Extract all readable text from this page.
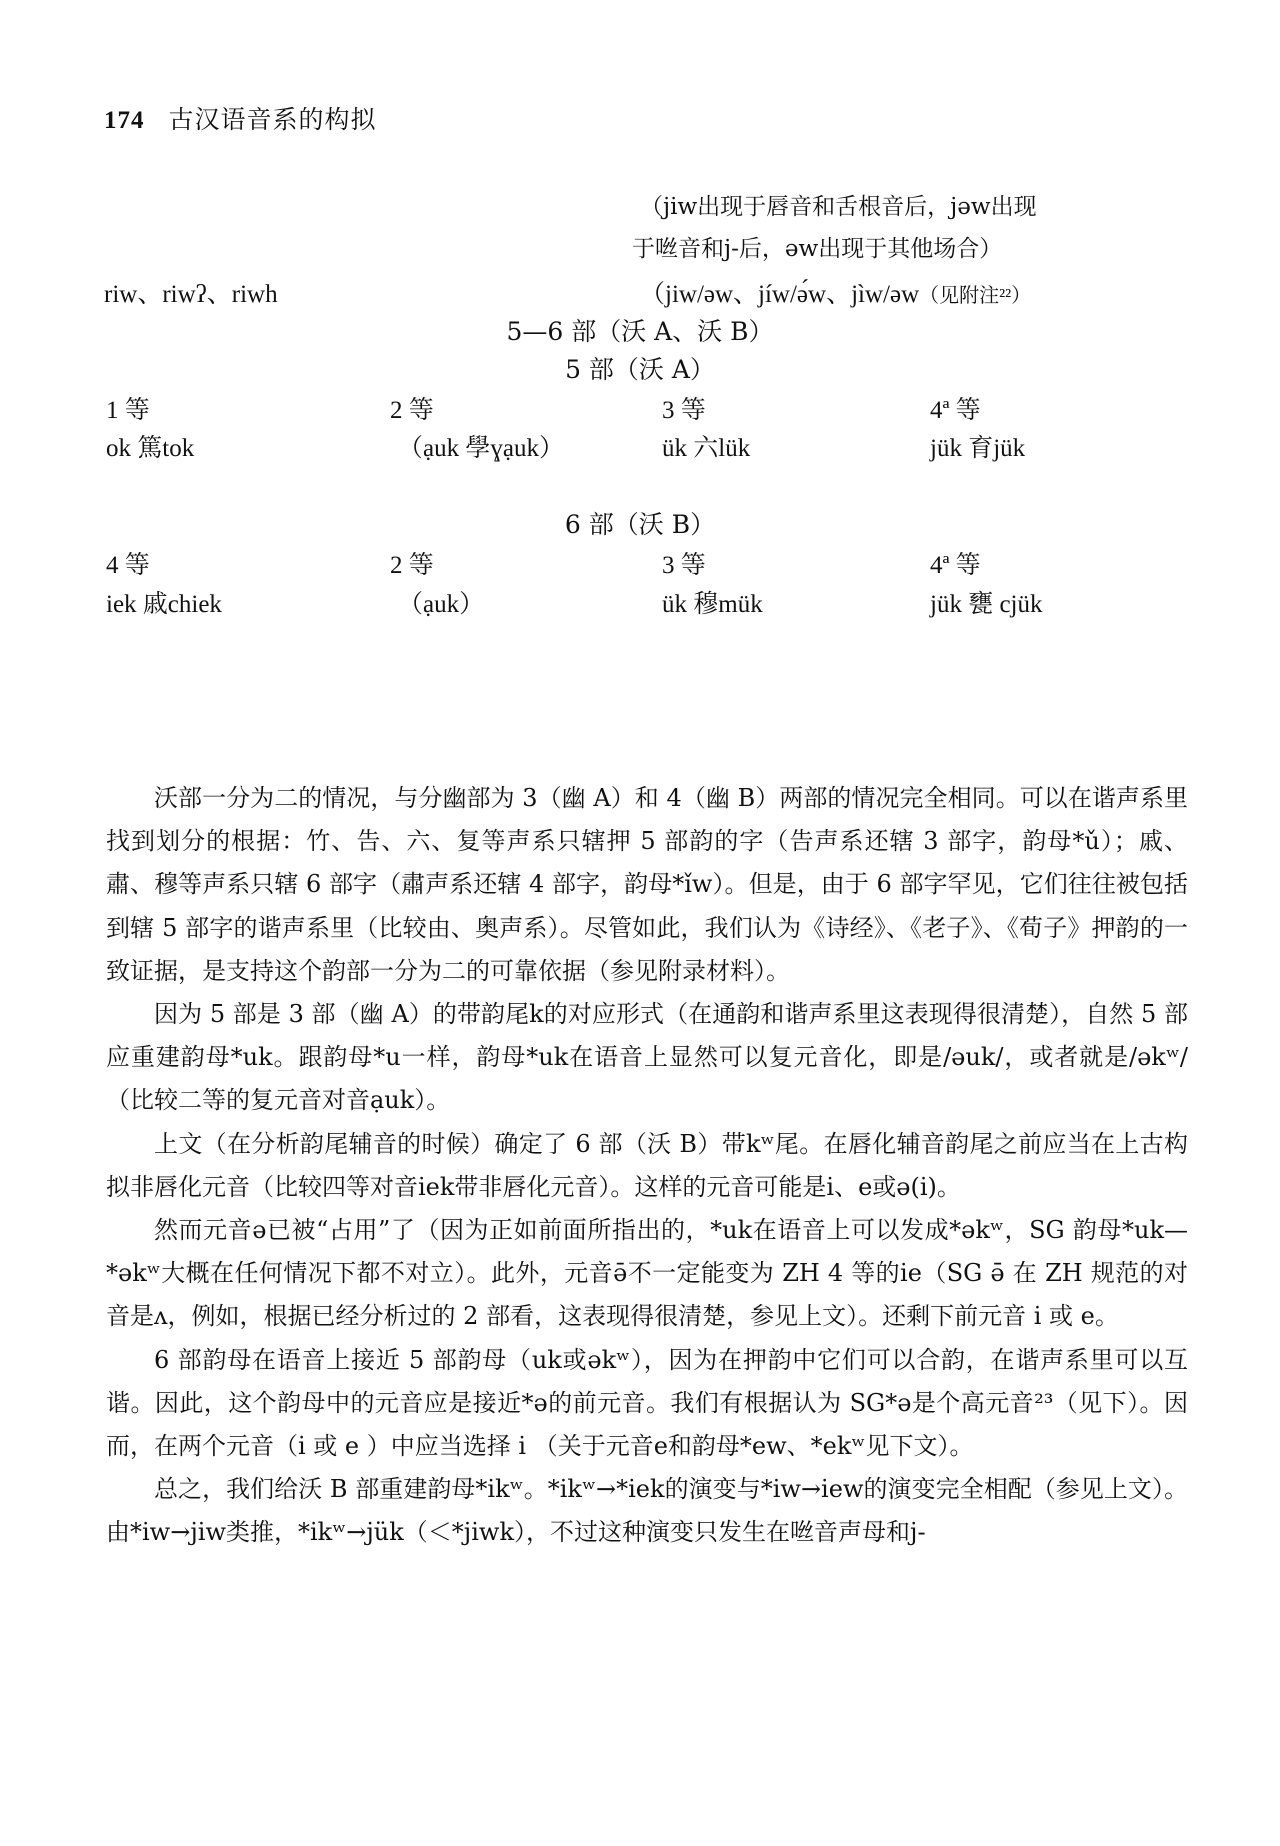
174 古汉语音系的构拟
（jiw出现于唇音和舌根音后，jəw出现
于咝音和j-后，əw出现于其他场合）
riw、riwʔ、riwh	（jiw/əw、jíw/ə́w、jìw/əw（见附注²²）
5—6 部（沃 A、沃 B）
5 部（沃 A）
1 等	2 等	3 等	4ª 等
ok 篤tok	（ạuk 學ɣạuk）	ük 六lük	jük 育jük
6 部（沃 B）
4 等	2 等	3 等	4ª 等
iek 戚chiek	（ạuk）	ük 穆mük	jük 甕 cjük

沃部一分为二的情况，与分幽部为 3（幽 A）和 4（幽 B）两部的情况完全相同。可以在谐声系里找到划分的根据：竹、告、六、复等声系只辖押 5 部韵的字（告声系还辖 3 部字，韵母*ǔ）；戚、肅、穆等声系只辖 6 部字（肅声系还辖 4 部字，韵母*ǐw）。但是，由于 6 部字罕见，它们往往被包括到辖 5 部字的谐声系里（比较由、奥声系）。尽管如此，我们认为《诗经》、《老子》、《荀子》押韵的一致证据，是支持这个韵部一分为二的可靠依据（参见附录材料）。

因为 5 部是 3 部（幽 A）的带韵尾k的对应形式（在通韵和谐声系里这表现得很清楚），自然 5 部应重建韵母*uk。跟韵母*u一样，韵母*uk在语音上显然可以复元音化，即是/əuk/，或者就是/əkʷ/（比较二等的复元音对音ạuk）。

上文（在分析韵尾辅音的时候）确定了 6 部（沃 B）带kʷ尾。在唇化辅音韵尾之前应当在上古构拟非唇化元音（比较四等对音iek带非唇化元音）。这样的元音可能是i、e或ə(i)。

然而元音ə已被“占用”了（因为正如前面所指出的，*uk在语音上可以发成*əkʷ，SG 韵母*uk—*əkʷ大概在任何情况下都不对立）。此外，元音ə̄不一定能变为 ZH 4 等的ie（SG ə̄ 在 ZH 规范的对音是ʌ，例如，根据已经分析过的 2 部看，这表现得很清楚，参见上文）。还剩下前元音 i 或 e。

6 部韵母在语音上接近 5 部韵母（uk或əkʷ），因为在押韵中它们可以合韵，在谐声系里可以互谐。因此，这个韵母中的元音应是接近*ə的前元音。我们有根据认为 SG*ə是个高元音²³（见下）。因而，在两个元音（i 或 e ）中应当选择 i （关于元音e和韵母*ew、*ekʷ见下文）。

总之，我们给沃 B 部重建韵母*ikʷ。*ikʷ→*iek的演变与*iw→iew的演变完全相配（参见上文）。由*iw→jiw类推，*ikʷ→jük（＜*jiwk），不过这种演变只发生在咝音声母和j-
